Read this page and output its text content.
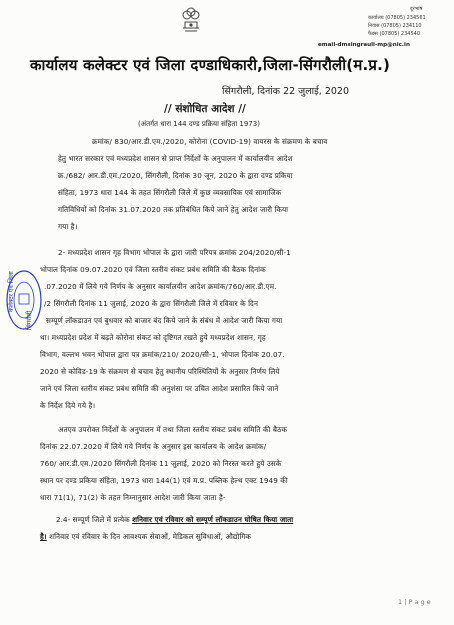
दूरभाष
कार्यालय (07805) 234561
निवास (07805) 234110
फैक्स (07805) 234540
email-dmsingrauli-mp@nic.in
कार्यालय कलेक्टर एवं जिला दण्डाधिकारी,जिला-सिंगरौली(म.प्र.)
सिंगरौली, दिनांक 22 जुलाई, 2020
// संशोधित आदेश //
(अंतर्गत धारा 144 दण्ड प्रक्रिया संहिता 1973)
क्रमांक/ 830/आर.डी.एम./2020, कोरोना (COVID-19) वायरस के संक्रमण के बचाव
हेतु भारत सरकार एवं मध्यप्रदेश शासन से प्राप्त निर्देशों के अनुपालन में कार्यालयीन आदेश
क्र./682/ आर.डी.एम./2020, सिंगरौली, दिनांक 30 जून, 2020 के द्वारा दण्ड प्रकिया
संहिता, 1973 धारा 144 के तहत सिंगरौली जिले में कुछ व्यवसायिक एवं सामाजिक
गतिविधियों को दिनांक 31.07.2020 तक प्रतिबंधित किये जाने हेतु आदेश जारी किया
गया है।
2- मध्यप्रदेश शासन गृह विभाग भोपाल के द्वारा जारी परिपत्र क्रमांक 204/2020/सी-1
भोपाल दिनांक 09.07.2020 एवं जिला स्तरीय संकट प्रबंध समिति की बैठक दिनांक
.07.2020 में लिये गये निर्णय के अनुसार कार्यालयीन आदेश क्रमांक/760/आर.डी.एम.
/2 सिंगरौली दिनांक 11 जुलाई, 2020 के द्वारा सिंगरौली जिले में रविवार के दिन
सम्पूर्ण लॉकडाउन एवं बुधवार को बाजार बंद किये जाने के संबंध में आदेश जारी किया गया
था। मध्यप्रदेश प्रदेश में बढ़ते कोरोना संकट को दृष्टिगत रखते हुये मध्यप्रदेश शासन, गृह
विभाग, वल्लभ भवन भोपाल द्वारा पत्र क्रमांक/210/ 2020/सी-1, भोपाल दिनांक 20.07.
2020 से कोविड-19 के संक्रमण से बचाव हेतु स्थानीय परिस्थितियों के अनुसार निर्णय लिये
जाने एवं जिला स्तरीय संकट प्रबंध समिति की अनुशंसा पर उचित आदेश प्रसारित किये जाने
के निर्देश दिये गये है।
अतएव उपरोक्त निर्देशों के अनुपालन में तथा जिला स्तरीय संकट प्रबंध समिति की बैठक
दिनांक 22.07.2020 में लिये गये निर्णय के अनुसार इस कार्यालय के आदेश क्रमांक/
760/ आर.डी.एम./2020 सिंगरौली दिनांक 11 जुलाई, 2020 को निरस्त करते हुये उसके
स्थान पर दण्ड प्रकिया संहिता, 1973 धारा 144(1) एवं म.प्र. पब्लिक हेल्थ एक्ट 1949 की
धारा 71(1), 71(2) के तहत निम्नानुसार आदेश जारी किया जाता है-
2.4- सम्पूर्ण जिले में प्रत्येक शनिवार एवं रविवार को सम्पूर्ण लॉकडाउन घोषित किया जाता
है। शनिवार एवं रविवार के दिन आवश्यक सेवाओं, मेडिकल सुविधाओं, औद्योगिक
कलेक्टर एवं जिला
सिंगरौली
1 | P a g e
